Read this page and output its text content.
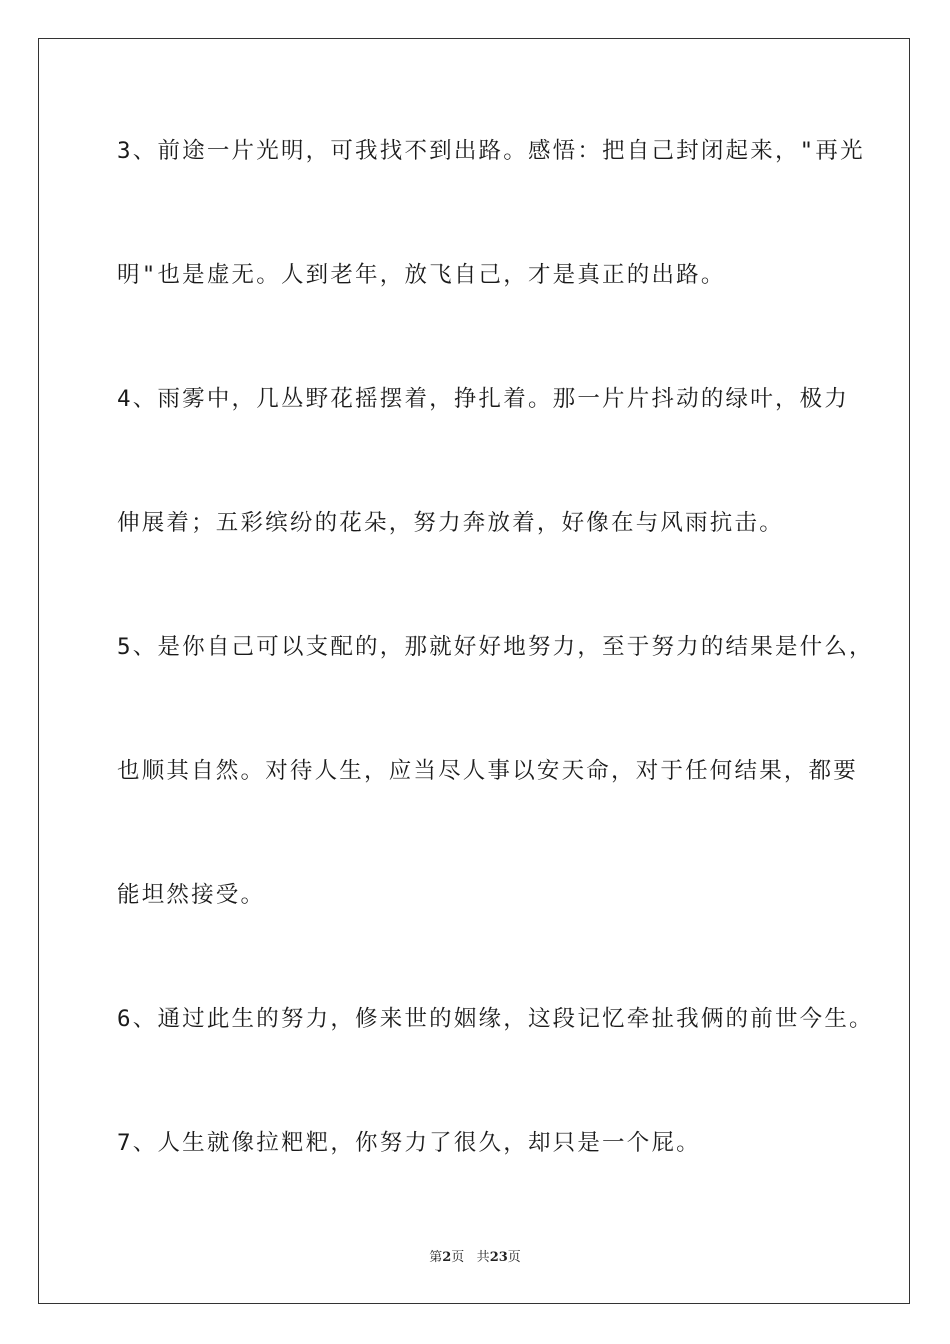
3、前途一片光明，可我找不到出路。感悟：把自己封闭起来，"再光
明"也是虚无。人到老年，放飞自己，才是真正的出路。
4、雨雾中，几丛野花摇摆着，挣扎着。那一片片抖动的绿叶，极力
伸展着；五彩缤纷的花朵，努力奔放着，好像在与风雨抗击。
5、是你自己可以支配的，那就好好地努力，至于努力的结果是什么，
也顺其自然。对待人生，应当尽人事以安天命，对于任何结果，都要
能坦然接受。
6、通过此生的努力，修来世的姻缘，这段记忆牵扯我俩的前世今生。
7、人生就像拉粑粑，你努力了很久，却只是一个屁。
第2页 共23页
